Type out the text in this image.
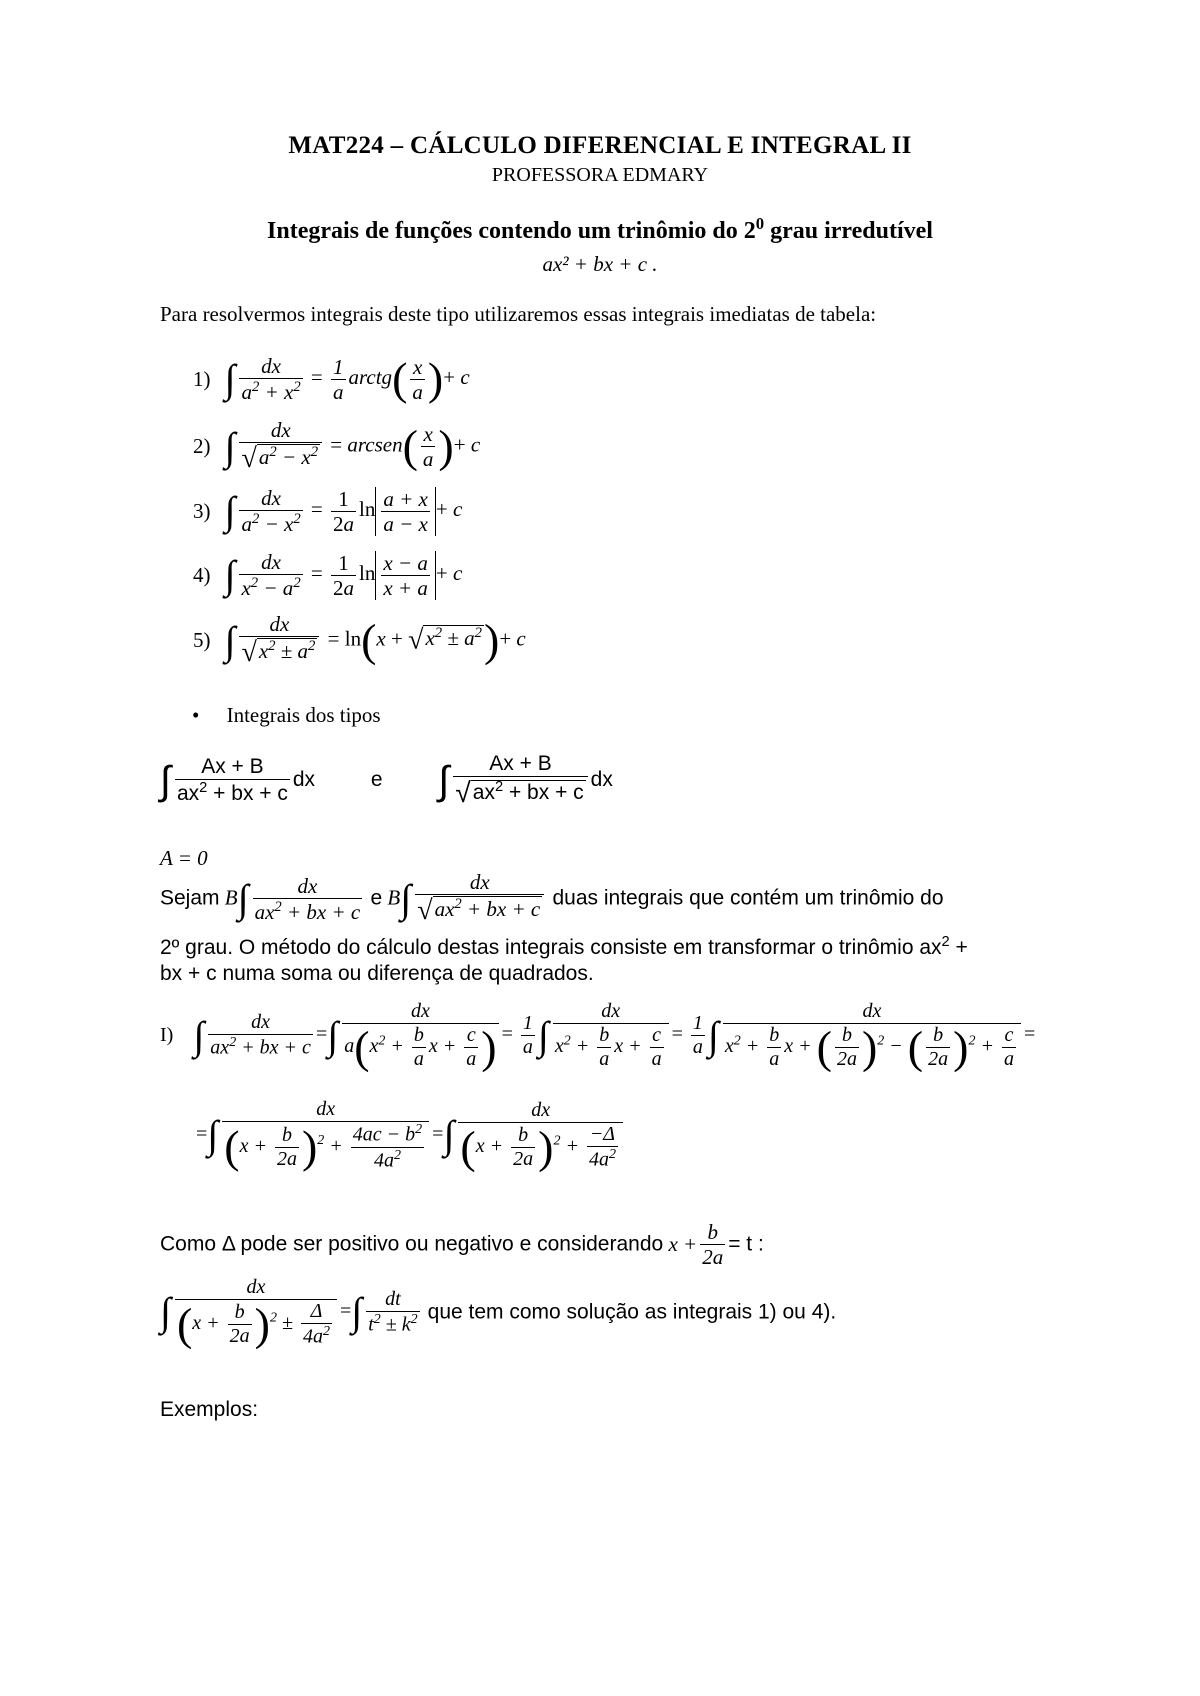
MAT224 – CÁLCULO DIFERENCIAL E INTEGRAL II
PROFESSORA EDMARY
Integrais de funções contendo um trinômio do $2^0$ grau irredutível
ax² + bx + c .
Para resolvermos integrais deste tipo utilizaremos essas integrais imediatas de tabela:
1) ∫ $\frac{dx}{a^2 + x^2} = \frac{1}{a}$ arctg( $\frac{x}{a}$ )+ c
2) ∫ $\frac{dx}{√a^2 - x^2}$ = arcsen( $\frac{x}{a}$ )+ c
3) ∫ $\frac{dx}{a^2 - x^2} = \frac{1}{2a}$ $\ln \frac{a + x}{a - x} + c$
4) ∫ $\frac{dx}{x^2 - a^2} = \frac{1}{2a}$ $\ln \frac{x - a}{x + a} + c$
5) ∫ $\frac{dx}{√x^2 \pm a^2} = \ln(x + √x^2 \pm a^2)+ c$
• Integrais dos tipos
∫ $\frac{Ax + B}{ax^2 + bx + c}$ dx e ∫ $\frac{Ax + B}{√ax^2 + bx + c}$ dx
A = 0
Sejam $B\int \frac{dx}{ax^2 + bx + c}$ e $B\int \frac{dx}{√ax^2 + bx + c}$ duas integrais que contém um trinômio do
2º grau. O método do cálculo destas integrais consiste em transformar o trinômio $ax^2$ +
bx + c numa soma ou diferença de quadrados.
I) ∫ $\frac{dx}{ax^2 + bx + c}$ =∫ $\frac{dx}{a(x^2 + \frac{b}{a} x + \frac{c}{a} )} = \frac{1}{a}$ ∫ $\frac{dx}{x^2 + \frac{b}{a} x + \frac{c}{a}} = \frac{1}{a}$ ∫ $\frac{dx}{x^2 + \frac{b}{a} x + ( \frac{b}{2a} )^2 - ( \frac{b}{2a} )^2 + \frac{c}{a}}$ =
=∫ $\frac{dx}{(x + \frac{b}{2a} )^2 + \frac{4ac - b^2}{4a^2}}$ =∫ $\frac{dx}{(x + \frac{b}{2a} )^2 + \frac{-\Delta}{4a^2}}$
Como Δ pode ser positivo ou negativo e considerando $x + \frac{b}{2a} = t$ :
∫ $\frac{dx}{(x + \frac{b}{2a} )^2 \pm \frac{\Delta}{4a^2}}$ =∫ $\frac{dt}{t^2 \pm k^2}$ que tem como solução as integrais 1) ou 4).
Exemplos:
